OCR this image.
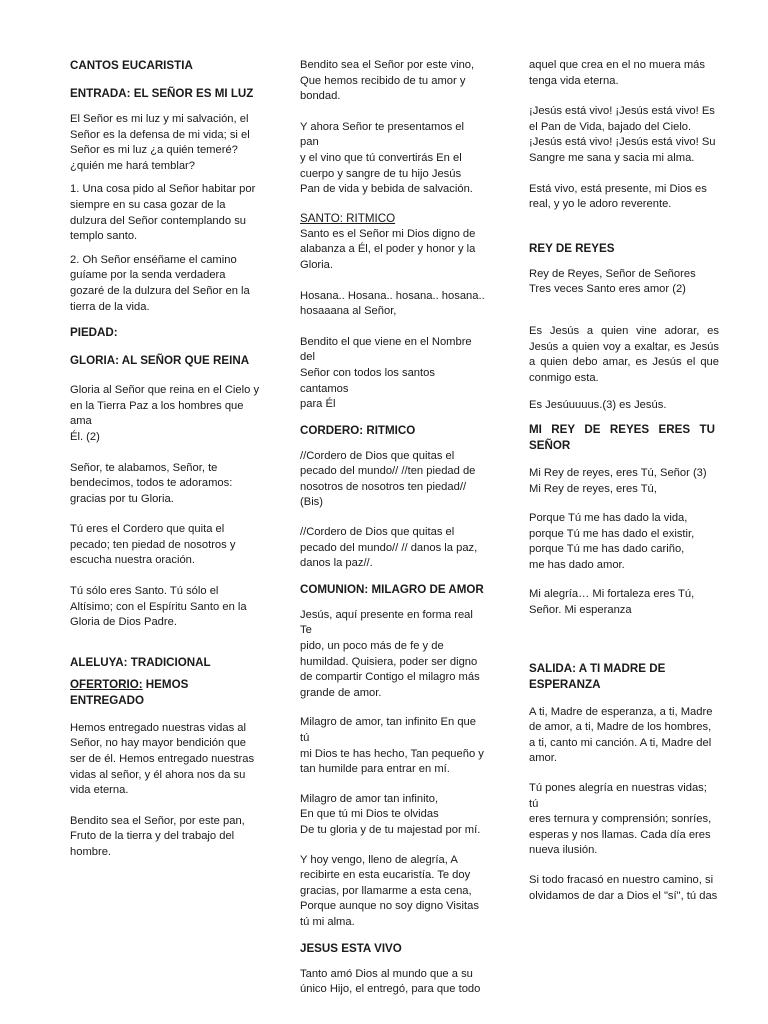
CANTOS EUCARISTIA

ENTRADA: EL SEÑOR ES MI LUZ

El Señor es mi luz y mi salvación, el
Señor es la defensa de mi vida; si el
Señor es mi luz ¿a quién temeré?
¿quién me hará temblar?

1. Una cosa pido al Señor habitar por
siempre en su casa gozar de la
dulzura del Señor contemplando su
templo santo.

2. Oh Señor enséñame el camino
guíame por la senda verdadera
gozaré de la dulzura del Señor en la
tierra de la vida.

PIEDAD:

GLORIA: AL SEÑOR QUE REINA

Gloria al Señor que reina en el Cielo y
en la Tierra Paz a los hombres que
ama
Él. (2)

Señor, te alabamos, Señor, te
bendecimos, todos te adoramos:
gracias por tu Gloria.

Tú eres el Cordero que quita el
pecado; ten piedad de nosotros y
escucha nuestra oración.

Tú sólo eres Santo. Tú sólo el
Altísimo; con el Espíritu Santo en la
Gloria de Dios Padre.

ALELUYA: TRADICIONAL

OFERTORIO: HEMOS
ENTREGADO

Hemos entregado nuestras vidas al
Señor, no hay mayor bendición que
ser de él. Hemos entregado nuestras
vidas al señor, y él ahora nos da su
vida eterna.

Bendito sea el Señor, por este pan,
Fruto de la tierra y del trabajo del
hombre.

Bendito sea el Señor por este vino,
Que hemos recibido de tu amor y
bondad.

Y ahora Señor te presentamos el pan
y el vino que tú convertirás En el
cuerpo y sangre de tu hijo Jesús
Pan de vida y bebida de salvación.

SANTO: RITMICO

Santo es el Señor mi Dios digno de
alabanza a Él, el poder y honor y la
Gloria.

Hosana.. Hosana.. hosana.. hosana..
hosaaana al Señor,

Bendito el que viene en el Nombre del
Señor con todos los santos cantamos
para Él

CORDERO: RITMICO

//Cordero de Dios que quitas el
pecado del mundo// //ten piedad de
nosotros de nosotros ten piedad//
(Bis)

//Cordero de Dios que quitas el
pecado del mundo// // danos la paz,
danos la paz//.

COMUNION: MILAGRO DE AMOR

Jesús, aquí presente en forma real Te
pido, un poco más de fe y de
humildad. Quisiera, poder ser digno
de compartir Contigo el milagro más
grande de amor.

Milagro de amor, tan infinito En que tú
mi Dios te has hecho, Tan pequeño y
tan humilde para entrar en mí.

Milagro de amor tan infinito,
En que tú mi Dios te olvidas
De tu gloria y de tu majestad por mí.

Y hoy vengo, lleno de alegría, A
recibirte en esta eucaristía. Te doy
gracias, por llamarme a esta cena,
Porque aunque no soy digno Visitas
tú mi alma.

JESUS ESTA VIVO

Tanto amó Dios al mundo que a su
único Hijo, el entregó, para que todo

aquel que crea en el no muera más
tenga vida eterna.

¡Jesús está vivo! ¡Jesús está vivo! Es
el Pan de Vida, bajado del Cielo.
¡Jesús está vivo! ¡Jesús está vivo! Su
Sangre me sana y sacia mi alma.

Está vivo, está presente, mi Dios es
real, y yo le adoro reverente.

REY DE REYES

Rey de Reyes, Señor de Señores
Tres veces Santo eres amor (2)

Es Jesús a quien vine adorar, es Jesús a quien voy a exaltar, es Jesús a quien debo amar, es Jesús el que conmigo esta.

Es Jesúuuuus.(3) es Jesús.

MI REY DE REYES ERES TU SEÑOR

Mi Rey de reyes, eres Tú, Señor (3)
Mi Rey de reyes, eres Tú,

Porque Tú me has dado la vida,
porque Tú me has dado el existir,
porque Tú me has dado cariño,
me has dado amor.

Mi alegría… Mi fortaleza eres Tú,
Señor. Mi esperanza

SALIDA: A TI MADRE DE
ESPERANZA

A ti, Madre de esperanza, a ti, Madre
de amor, a ti, Madre de los hombres,
a ti, canto mi canción. A ti, Madre del
amor.

Tú pones alegría en nuestras vidas; tú
eres ternura y comprensión; sonríes,
esperas y nos llamas. Cada día eres
nueva ilusión.

Si todo fracasó en nuestro camino, si
olvidamos de dar a Dios el "sí", tú das
